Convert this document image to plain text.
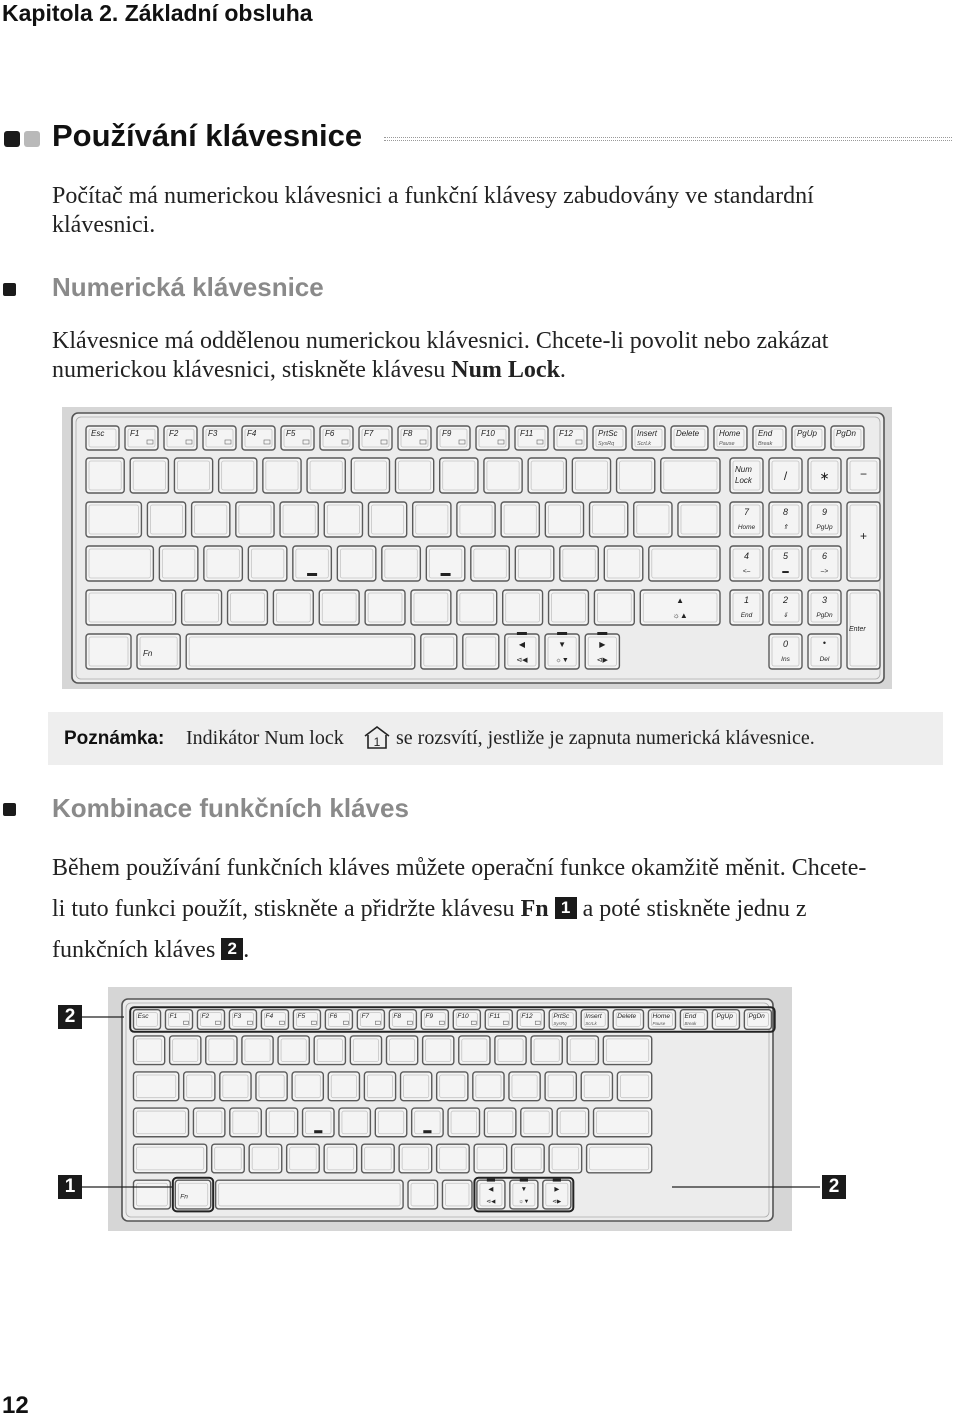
Kapitola 2. Základní obsluha
Používání klávesnice
Počítač má numerickou klávesnici a funkční klávesy zabudovány ve standardní
klávesnici.
Numerická klávesnice
Klávesnice má oddělenou numerickou klávesnici. Chcete-li povolit nebo zakázat
numerickou klávesnici, stiskněte klávesu Num Lock.
Esc	F1	F2	F3	F4	F5	F6	F7	F8	F9	F10	F11	F12	PrtSc
SysRq
Insert
ScrLk
Delete Home
Pause
End
Break
PgUp PgDn
▲
☼▲
Fn
◀
⊲◀
▼
☼▼
▶
⊲▶
Num
Lock	/	∗	−
7
Home
8
⇑
9
PgUp
4
<–
5
▬
6
–>
1
End
2
⇓
3
PgDn
+
Enter
0
Ins
•
Del
Poznámka: Indikátor Num lock 1 se rozsvítí, jestliže je zapnuta numerická klávesnice.
Kombinace funkčních kláves
Během používání funkčních kláves můžete operační funkce okamžitě měnit. Chcete-
li tuto funkci použít, stiskněte a přidržte klávesu Fn 1 a poté stiskněte jednu z
funkčních kláves 2 .
Esc	F1	F2	F3	F4	F5	F6	F7	F8	F9	F10	F11	F12	PrtSc
SysRq
Insert
ScrLk
Delete Home
Pause
End
Break
PgUp PgDn
Fn
◀
⊲◀
▼
☼▼
▶
⊲▶
2
1	2
12
